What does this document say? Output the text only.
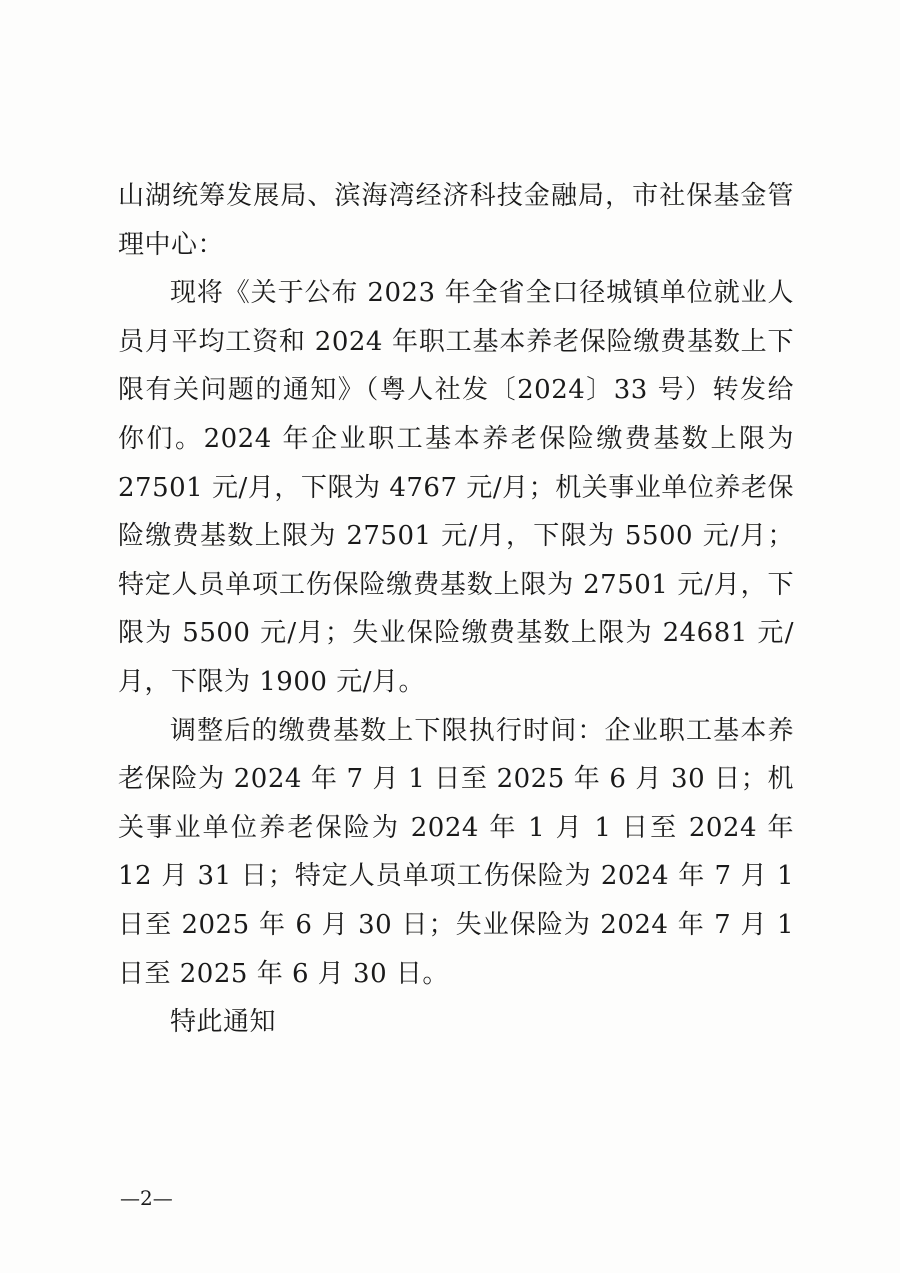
山湖统筹发展局、滨海湾经济科技金融局，市社保基金管理中心：

现将《关于公布 2023 年全省全口径城镇单位就业人员月平均工资和 2024 年职工基本养老保险缴费基数上下限有关问题的通知》（粤人社发〔2024〕33 号）转发给你们。2024 年企业职工基本养老保险缴费基数上限为 27501 元/月，下限为 4767 元/月；机关事业单位养老保险缴费基数上限为 27501 元/月，下限为 5500 元/月；特定人员单项工伤保险缴费基数上限为 27501 元/月，下限为 5500 元/月；失业保险缴费基数上限为 24681 元/月，下限为 1900 元/月。

调整后的缴费基数上下限执行时间：企业职工基本养老保险为 2024 年 7 月 1 日至 2025 年 6 月 30 日；机关事业单位养老保险为 2024 年 1 月 1 日至 2024 年 12 月 31 日；特定人员单项工伤保险为 2024 年 7 月 1 日至 2025 年 6 月 30 日；失业保险为 2024 年 7 月 1 日至 2025 年 6 月 30 日。

特此通知

—2—
